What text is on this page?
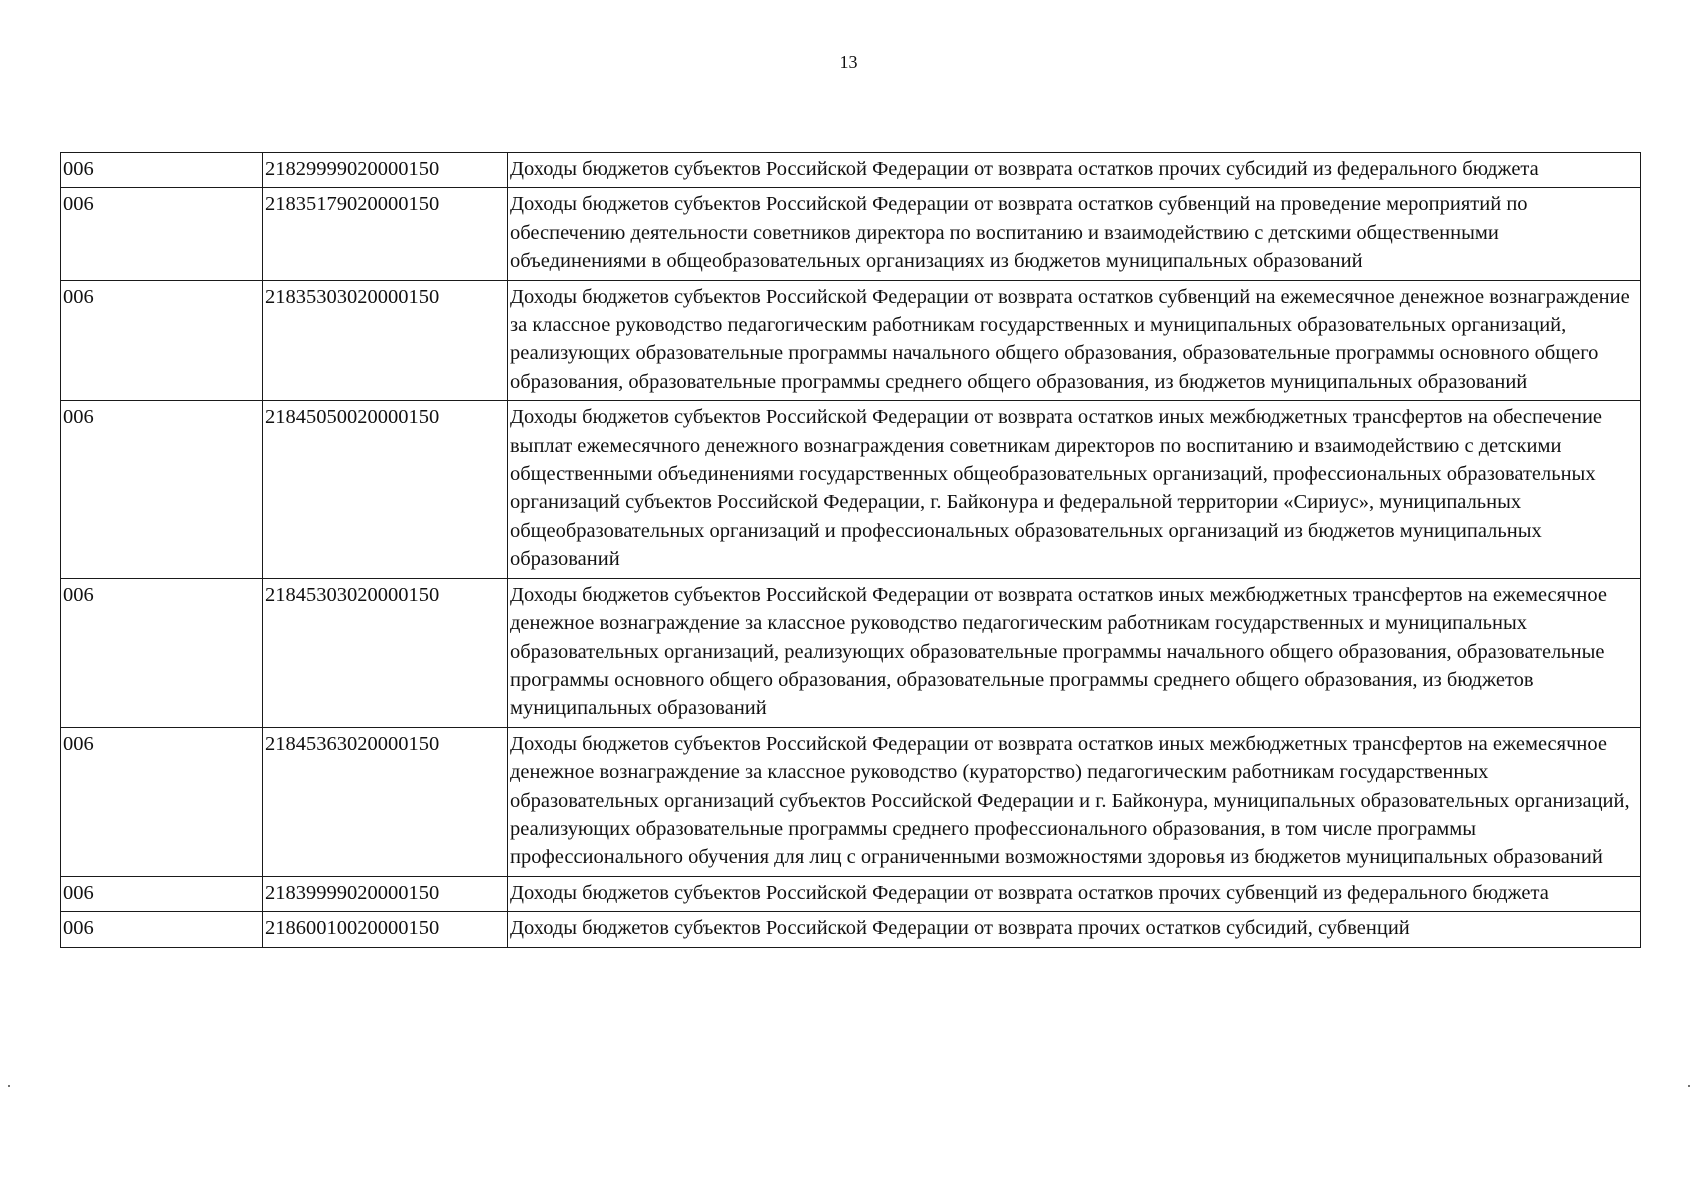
13
006	21829999020000150	Доходы бюджетов субъектов Российской Федерации от возврата остатков прочих субсидий из федерального бюджета
006	21835179020000150	Доходы бюджетов субъектов Российской Федерации от возврата остатков субвенций на проведение мероприятий по обеспечению деятельности советников директора по воспитанию и взаимодействию с детскими общественными объединениями в общеобразовательных организациях из бюджетов муниципальных образований
006	21835303020000150	Доходы бюджетов субъектов Российской Федерации от возврата остатков субвенций на ежемесячное денежное вознаграждение за классное руководство педагогическим работникам государственных и муниципальных образовательных организаций, реализующих образовательные программы начального общего образования, образовательные программы основного общего образования, образовательные программы среднего общего образования, из бюджетов муниципальных образований
006	21845050020000150	Доходы бюджетов субъектов Российской Федерации от возврата остатков иных межбюджетных трансфертов на обеспечение выплат ежемесячного денежного вознаграждения советникам директоров по воспитанию и взаимодействию с детскими общественными объединениями государственных общеобразовательных организаций, профессиональных образовательных организаций субъектов Российской Федерации, г. Байконура и федеральной территории «Сириус», муниципальных общеобразовательных организаций и профессиональных образовательных организаций из бюджетов муниципальных образований
006	21845303020000150	Доходы бюджетов субъектов Российской Федерации от возврата остатков иных межбюджетных трансфертов на ежемесячное денежное вознаграждение за классное руководство педагогическим работникам государственных и муниципальных образовательных организаций, реализующих образовательные программы начального общего образования, образовательные программы основного общего образования, образовательные программы среднего общего образования, из бюджетов муниципальных образований
006	21845363020000150	Доходы бюджетов субъектов Российской Федерации от возврата остатков иных межбюджетных трансфертов на ежемесячное денежное вознаграждение за классное руководство (кураторство) педагогическим работникам государственных образовательных организаций субъектов Российской Федерации и г. Байконура, муниципальных образовательных организаций, реализующих образовательные программы среднего профессионального образования, в том числе программы профессионального обучения для лиц с ограниченными возможностями здоровья из бюджетов муниципальных образований
006	21839999020000150	Доходы бюджетов субъектов Российской Федерации от возврата остатков прочих субвенций из федерального бюджета
006	21860010020000150	Доходы бюджетов субъектов Российской Федерации от возврата прочих остатков субсидий, субвенций
